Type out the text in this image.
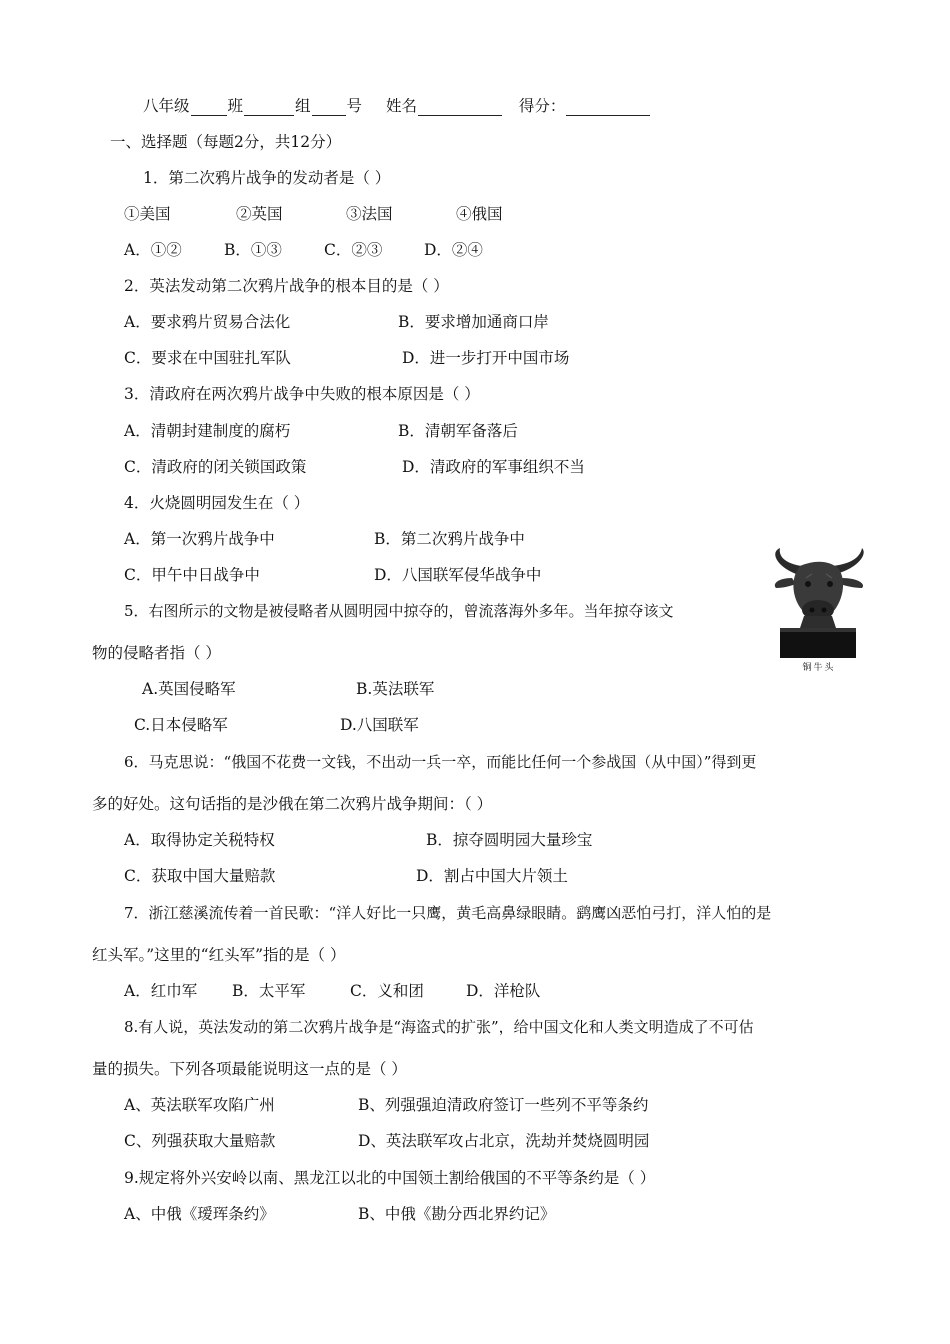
八年级 班	组 号 姓名	得分：
一、选择题（每题2分，共12分）
1．第二次鸦片战争的发动者是（ ）
①美国	②英国	③法国	④俄国
A．①②	B．①③	C．②③	D．②④
2．英法发动第二次鸦片战争的根本目的是（ ）
A．要求鸦片贸易合法化	B．要求增加通商口岸
C．要求在中国驻扎军队	D．进一步打开中国市场
3．清政府在两次鸦片战争中失败的根本原因是（ ）
A．清朝封建制度的腐朽	B．清朝军备落后
C．清政府的闭关锁国政策	D．清政府的军事组织不当
4．火烧圆明园发生在（ ）
A．第一次鸦片战争中	B．第二次鸦片战争中
C．甲午中日战争中	D．八国联军侵华战争中
5．右图所示的文物是被侵略者从圆明园中掠夺的，曾流落海外多年。当年掠夺该文
物的侵略者指（ ）
A.英国侵略军	B.英法联军
C.日本侵略军	D.八国联军
铜牛头
6．马克思说：“俄国不花费一文钱，不出动一兵一卒，而能比任何一个参战国（从中国）”得到更
多的好处。这句话指的是沙俄在第二次鸦片战争期间：（ ）
A．取得协定关税特权	B．掠夺圆明园大量珍宝
C．获取中国大量赔款	D．割占中国大片领土
7．浙江慈溪流传着一首民歌：“洋人好比一只鹰，黄毛高鼻绿眼睛。鹞鹰凶恶怕弓打，洋人怕的是
红头军。”这里的“红头军”指的是（ ）
A．红巾军 B．太平军	C．义和团	D．洋枪队
8.有人说，英法发动的第二次鸦片战争是“海盗式的扩张”，给中国文化和人类文明造成了不可估
量的损失。下列各项最能说明这一点的是（ ）
A、英法联军攻陷广州	B、列强强迫清政府签订一些列不平等条约
C、列强获取大量赔款	D、英法联军攻占北京，洗劫并焚烧圆明园
9.规定将外兴安岭以南、黑龙江以北的中国领土割给俄国的不平等条约是（ ）
A、中俄《瑷珲条约》	B、中俄《勘分西北界约记》
